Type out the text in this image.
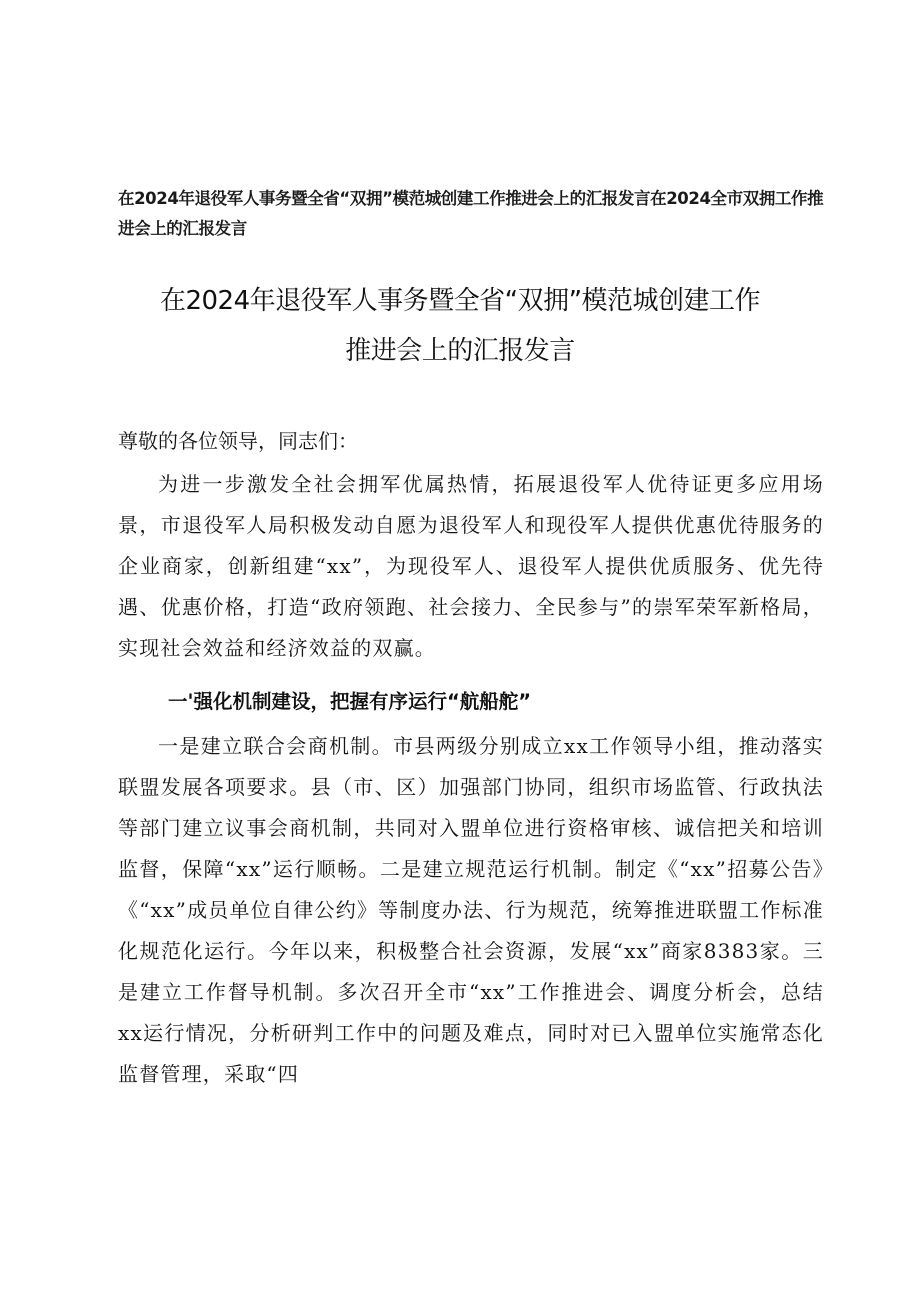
在2024年退役军人事务暨全省“双拥”模范城创建工作推进会上的汇报发言在2024全市双拥工作推进会上的汇报发言
在2024年退役军人事务暨全省“双拥”模范城创建工作
推进会上的汇报发言
尊敬的各位领导，同志们：
为进一步激发全社会拥军优属热情，拓展退役军人优待证更多应用场景，市退役军人局积极发动自愿为退役军人和现役军人提供优惠优待服务的企业商家，创新组建“xx”，为现役军人、退役军人提供优质服务、优先待遇、优惠价格，打造“政府领跑、社会接力、全民参与”的崇军荣军新格局，实现社会效益和经济效益的双赢。
一'强化机制建设，把握有序运行“航船舵”
一是建立联合会商机制。市县两级分别成立xx工作领导小组，推动落实联盟发展各项要求。县（市、区）加强部门协同，组织市场监管、行政执法等部门建立议事会商机制，共同对入盟单位进行资格审核、诚信把关和培训监督，保障“xx”运行顺畅。二是建立规范运行机制。制定《“xx”招募公告》《“xx”成员单位自律公约》等制度办法、行为规范，统筹推进联盟工作标准化规范化运行。今年以来，积极整合社会资源，发展“xx”商家8383家。三是建立工作督导机制。多次召开全市“xx”工作推进会、调度分析会，总结xx运行情况，分析研判工作中的问题及难点，同时对已入盟单位实施常态化监督管理，采取“四
